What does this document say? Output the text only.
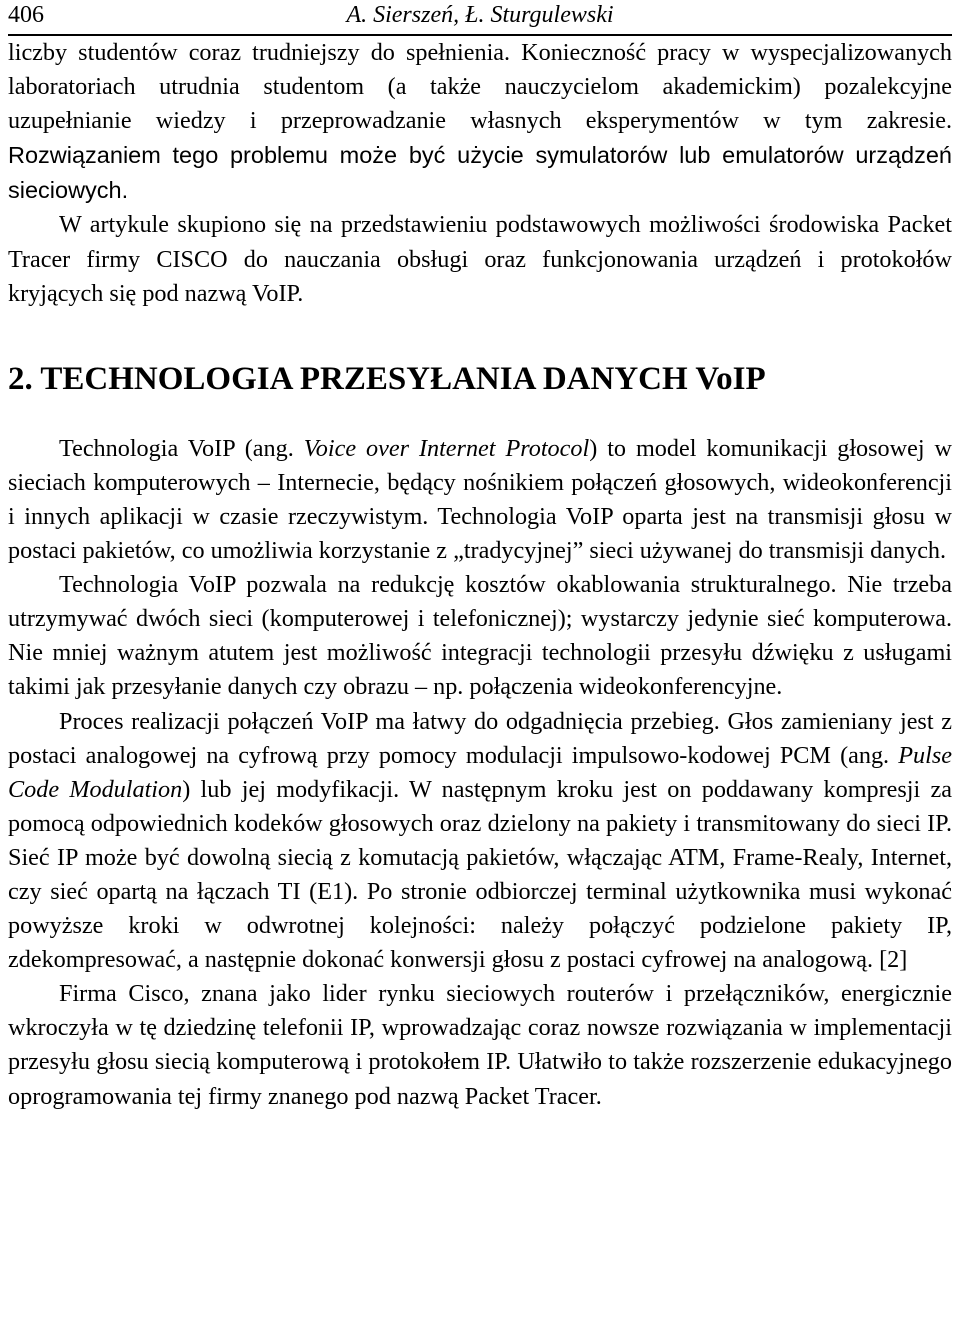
406	A. Sierszeń, Ł. Sturgulewski

liczby studentów coraz trudniejszy do spełnienia. Konieczność pracy w wyspecjalizowanych laboratoriach utrudnia studentom (a także nauczycielom akademickim) pozalekcyjne uzupełnianie wiedzy i przeprowadzanie własnych eksperymentów w tym zakresie. Rozwiązaniem tego problemu może być użycie symulatorów lub emulatorów urządzeń sieciowych.

W artykule skupiono się na przedstawieniu podstawowych możliwości środowiska Packet Tracer firmy CISCO do nauczania obsługi oraz funkcjonowania urządzeń i protokołów kryjących się pod nazwą VoIP.

2. TECHNOLOGIA PRZESYŁANIA DANYCH VoIP

Technologia VoIP (ang. Voice over Internet Protocol) to model komunikacji głosowej w sieciach komputerowych – Internecie, będący nośnikiem połączeń głosowych, wideokonferencji i innych aplikacji w czasie rzeczywistym. Technologia VoIP oparta jest na transmisji głosu w postaci pakietów, co umożliwia korzystanie z „tradycyjnej” sieci używanej do transmisji danych.

Technologia VoIP pozwala na redukcję kosztów okablowania strukturalnego. Nie trzeba utrzymywać dwóch sieci (komputerowej i telefonicznej); wystarczy jedynie sieć komputerowa. Nie mniej ważnym atutem jest możliwość integracji technologii przesyłu dźwięku z usługami takimi jak przesyłanie danych czy obrazu – np. połączenia wideokonferencyjne.

Proces realizacji połączeń VoIP ma łatwy do odgadnięcia przebieg. Głos zamieniany jest z postaci analogowej na cyfrową przy pomocy modulacji impulsowo-kodowej PCM (ang. Pulse Code Modulation) lub jej modyfikacji. W następnym kroku jest on poddawany kompresji za pomocą odpowiednich kodeków głosowych oraz dzielony na pakiety i transmitowany do sieci IP. Sieć IP może być dowolną siecią z komutacją pakietów, włączając ATM, Frame-Realy, Internet, czy sieć opartą na łączach TI (E1). Po stronie odbiorczej terminal użytkownika musi wykonać powyższe kroki w odwrotnej kolejności: należy połączyć podzielone pakiety IP, zdekompresować, a następnie dokonać konwersji głosu z postaci cyfrowej na analogową. [2]

Firma Cisco, znana jako lider rynku sieciowych routerów i przełączników, energicznie wkroczyła w tę dziedzinę telefonii IP, wprowadzając coraz nowsze rozwiązania w implementacji przesyłu głosu siecią komputerową i protokołem IP. Ułatwiło to także rozszerzenie edukacyjnego oprogramowania tej firmy znanego pod nazwą Packet Tracer.
